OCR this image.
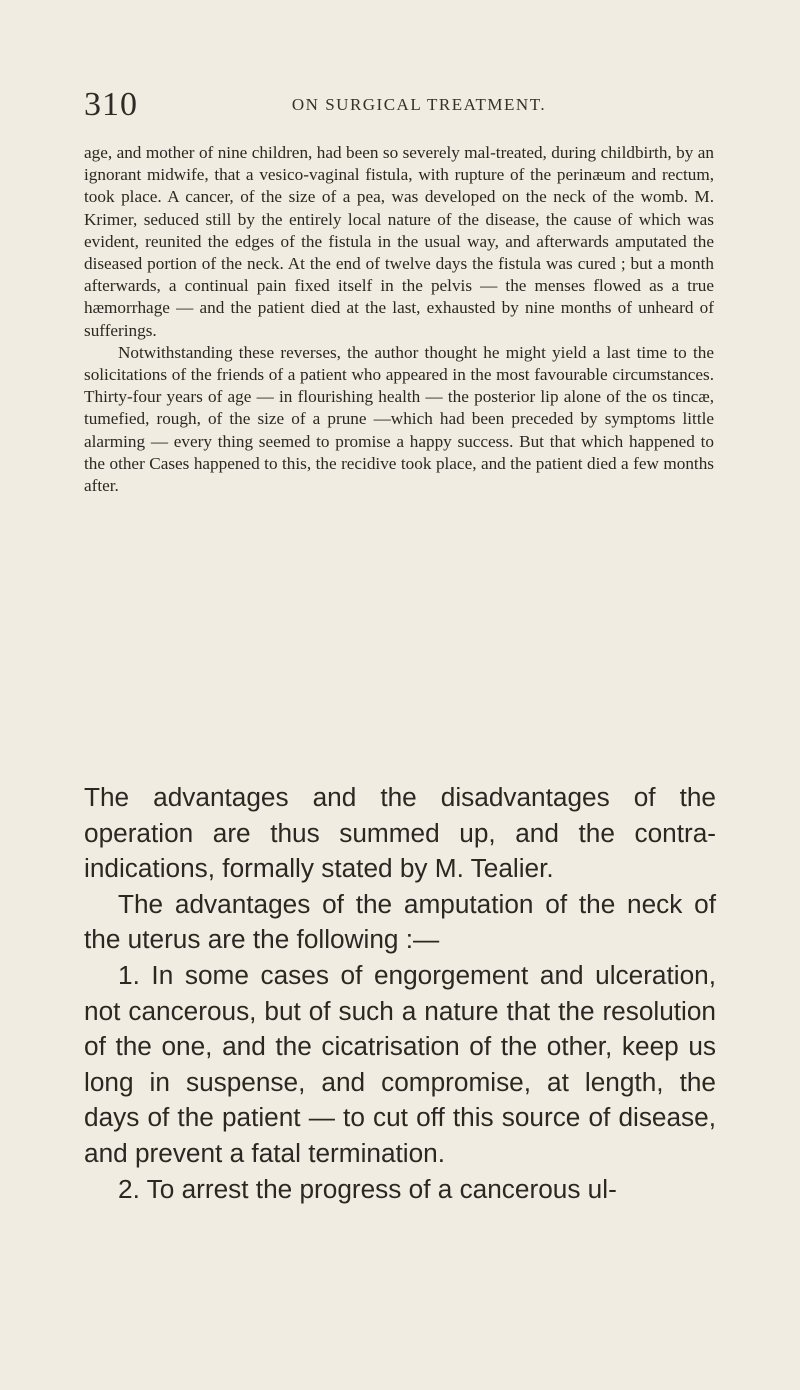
310	ON SURGICAL TREATMENT.

age, and mother of nine children, had been so severely mal-treated, during childbirth, by an ignorant midwife, that a vesico-vaginal fistula, with rupture of the perinæum and rectum, took place. A cancer, of the size of a pea, was developed on the neck of the womb. M. Krimer, seduced still by the entirely local nature of the disease, the cause of which was evident, reunited the edges of the fistula in the usual way, and afterwards amputated the diseased portion of the neck. At the end of twelve days the fistula was cured ; but a month afterwards, a continual pain fixed itself in the pelvis — the menses flowed as a true hæmorrhage — and the patient died at the last, exhausted by nine months of unheard of sufferings.

Notwithstanding these reverses, the author thought he might yield a last time to the solicitations of the friends of a patient who appeared in the most favourable circumstances. Thirty-four years of age — in flourishing health — the posterior lip alone of the os tincæ, tumefied, rough, of the size of a prune —which had been preceded by symptoms little alarming — every thing seemed to promise a happy success. But that which happened to the other Cases happened to this, the recidive took place, and the patient died a few months after.

The advantages and the disadvantages of the operation are thus summed up, and the contra-indications, formally stated by M. Tealier.

The advantages of the amputation of the neck of the uterus are the following :—

1. In some cases of engorgement and ulceration, not cancerous, but of such a nature that the resolution of the one, and the cicatrisation of the other, keep us long in suspense, and compromise, at length, the days of the patient — to cut off this source of disease, and prevent a fatal termination.

2. To arrest the progress of a cancerous ul-
